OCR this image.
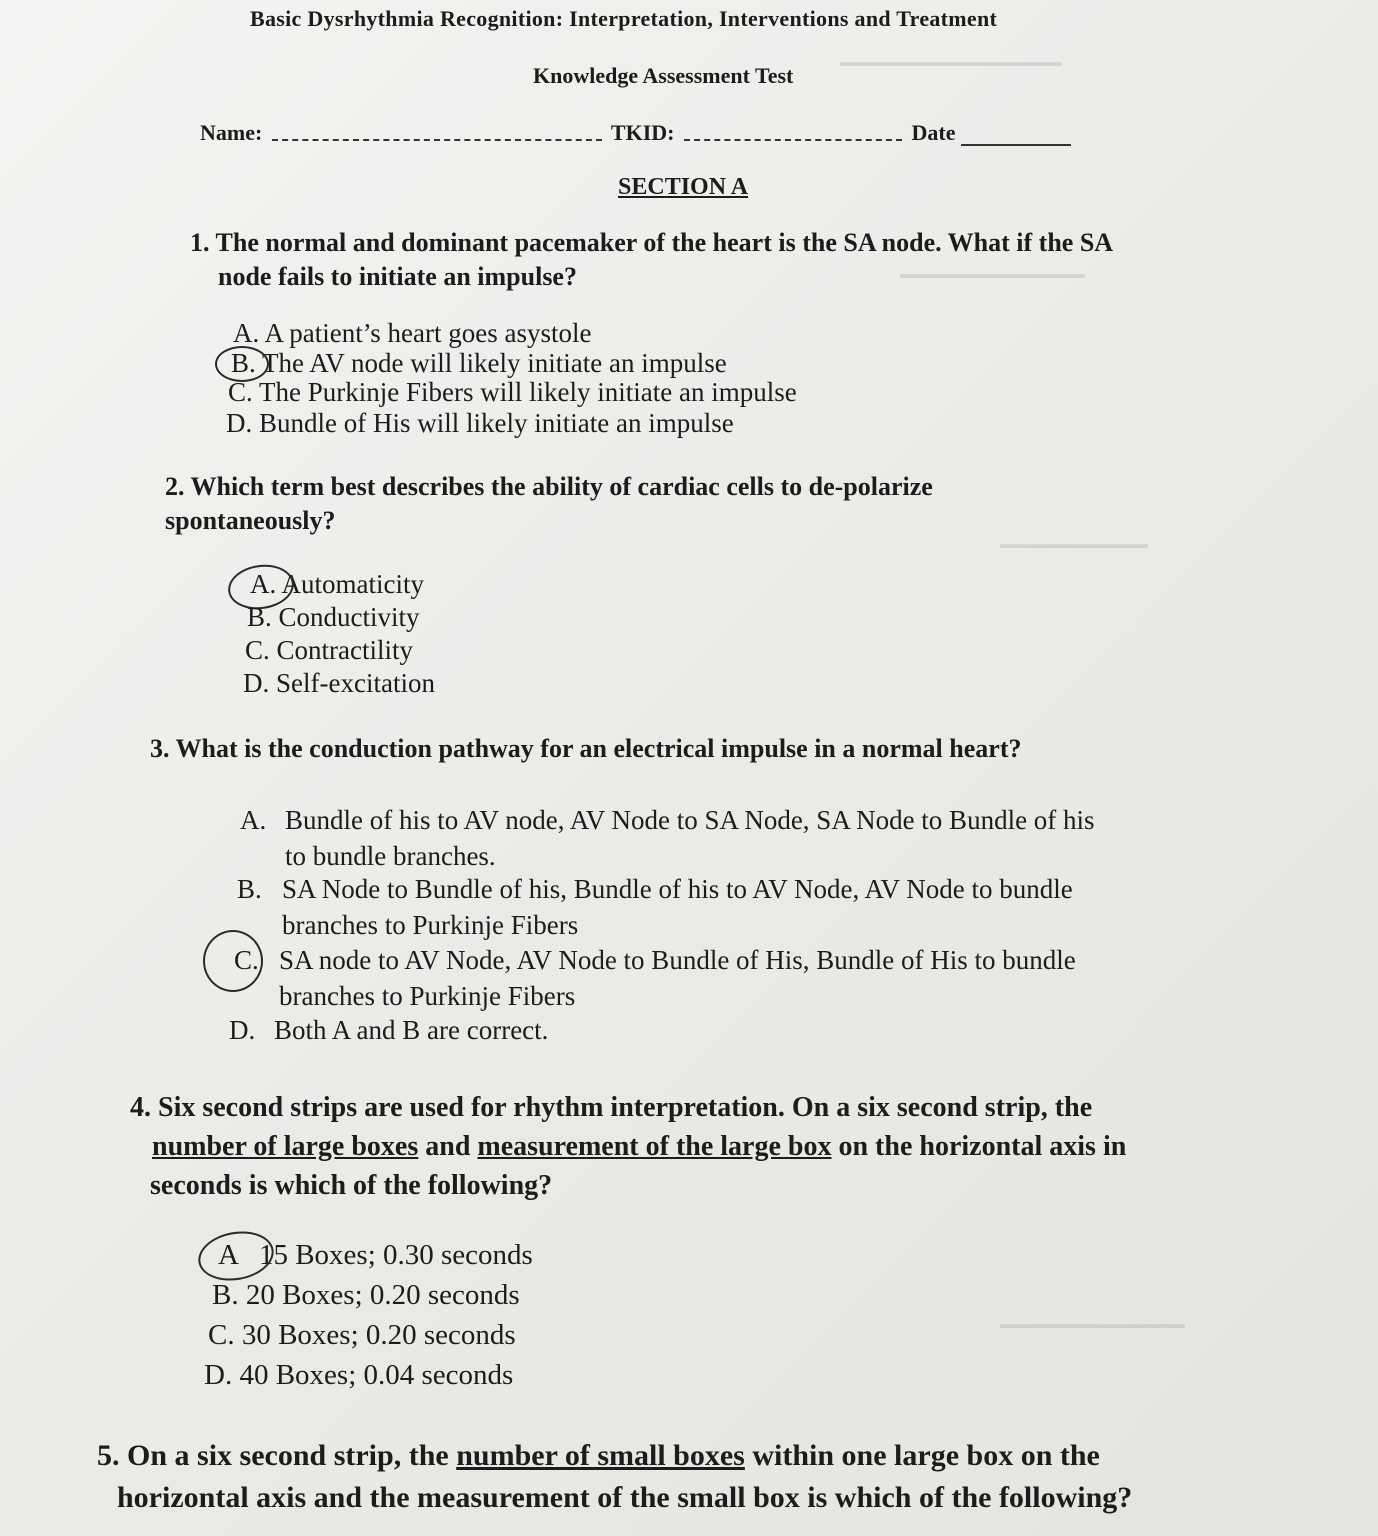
▁▁▁▁▁▁▁▁▁▁▁▁
▁▁▁▁▁▁▁▁▁▁
▁▁▁▁▁▁▁▁
▁▁▁▁▁▁▁▁▁▁
Basic Dysrhythmia Recognition: Interpretation, Interventions and Treatment
Knowledge Assessment Test
Name:	TKID:	Date
SECTION A
1. The normal and dominant pacemaker of the heart is the SA node. What if the SA
node fails to initiate an impulse?
A. A patient’s heart goes asystole
B. The AV node will likely initiate an impulse
C. The Purkinje Fibers will likely initiate an impulse
D. Bundle of His will likely initiate an impulse
2. Which term best describes the ability of cardiac cells to de-polarize
spontaneously?
A. Automaticity
B. Conductivity
C. Contractility
D. Self-excitation
3. What is the conduction pathway for an electrical impulse in a normal heart?
A. Bundle of his to AV node, AV Node to SA Node, SA Node to Bundle of his
to bundle branches.
B. SA Node to Bundle of his, Bundle of his to AV Node, AV Node to bundle
branches to Purkinje Fibers
C. SA node to AV Node, AV Node to Bundle of His, Bundle of His to bundle
branches to Purkinje Fibers
D. Both A and B are correct.
4. Six second strips are used for rhythm interpretation. On a six second strip, the
number of large boxes and measurement of the large box on the horizontal axis in
seconds is which of the following?
A 15 Boxes; 0.30 seconds
B. 20 Boxes; 0.20 seconds
C. 30 Boxes; 0.20 seconds
D. 40 Boxes; 0.04 seconds
5. On a six second strip, the number of small boxes within one large box on the
horizontal axis and the measurement of the small box is which of the following?
